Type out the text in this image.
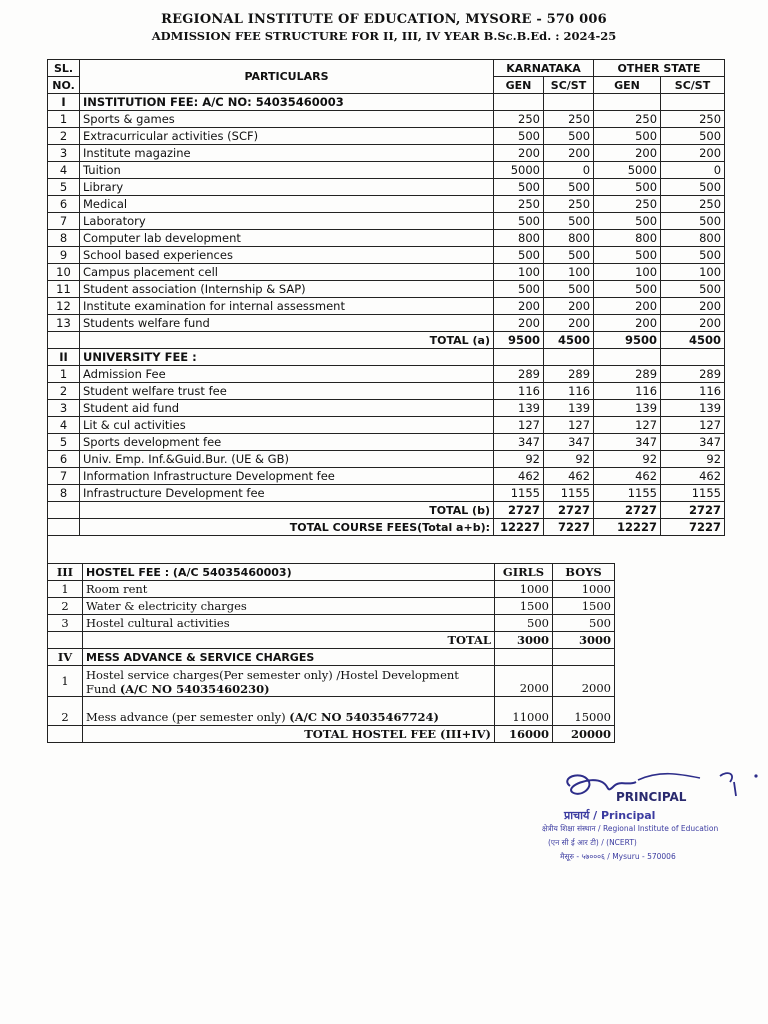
REGIONAL INSTITUTE OF EDUCATION, MYSORE - 570 006
ADMISSION FEE STRUCTURE FOR II, III, IV YEAR B.Sc.B.Ed. : 2024-25
SL.	PARTICULARS	KARNATAKA		OTHER STATE	
NO.		GEN	SC/ST	GEN	SC/ST
I	INSTITUTION FEE: A/C NO: 54035460003				
1	Sports & games	250	250	250	250
2	Extracurricular activities (SCF)	500	500	500	500
3	Institute magazine	200	200	200	200
4	Tuition	5000	0	5000	0
5	Library	500	500	500	500
6	Medical	250	250	250	250
7	Laboratory	500	500	500	500
8	Computer lab development	800	800	800	800
9	School based experiences	500	500	500	500
10	Campus placement cell	100	100	100	100
11	Student association (Internship & SAP)	500	500	500	500
12	Institute examination for internal assessment	200	200	200	200
13	Students welfare fund	200	200	200	200
	TOTAL (a)	9500	4500	9500	4500
II	UNIVERSITY FEE :				
1	Admission Fee	289	289	289	289
2	Student welfare trust fee	116	116	116	116
3	Student aid fund	139	139	139	139
4	Lit & cul activities	127	127	127	127
5	Sports development fee	347	347	347	347
6	Univ. Emp. Inf.&Guid.Bur. (UE & GB)	92	92	92	92
7	Information Infrastructure Development fee	462	462	462	462
8	Infrastructure Development fee	1155	1155	1155	1155
	TOTAL (b)	2727	2727	2727	2727
	TOTAL COURSE FEES(Total a+b):	12227	7227	12227	7227

III	HOSTEL FEE : (A/C 54035460003)	GIRLS	BOYS
1	Room rent	1000	1000
2	Water & electricity charges	1500	1500
3	Hostel cultural activities	500	500
	TOTAL	3000	3000
IV	MESS ADVANCE & SERVICE CHARGES		
1	Hostel service charges(Per semester only) /Hostel Development Fund (A/C NO 54035460230)	2000	2000
2	Mess advance (per semester only) (A/C NO 54035467724)	11000	15000
	TOTAL HOSTEL FEE (III+IV)	16000	20000
PRINCIPAL
प्राचार्य / Principal
क्षेत्रीय शिक्षा संस्थान / Regional Institute of Education
(एन सी ई आर टी) / (NCERT)
मैसूरु - ५७०००६ / Mysuru - 570006
